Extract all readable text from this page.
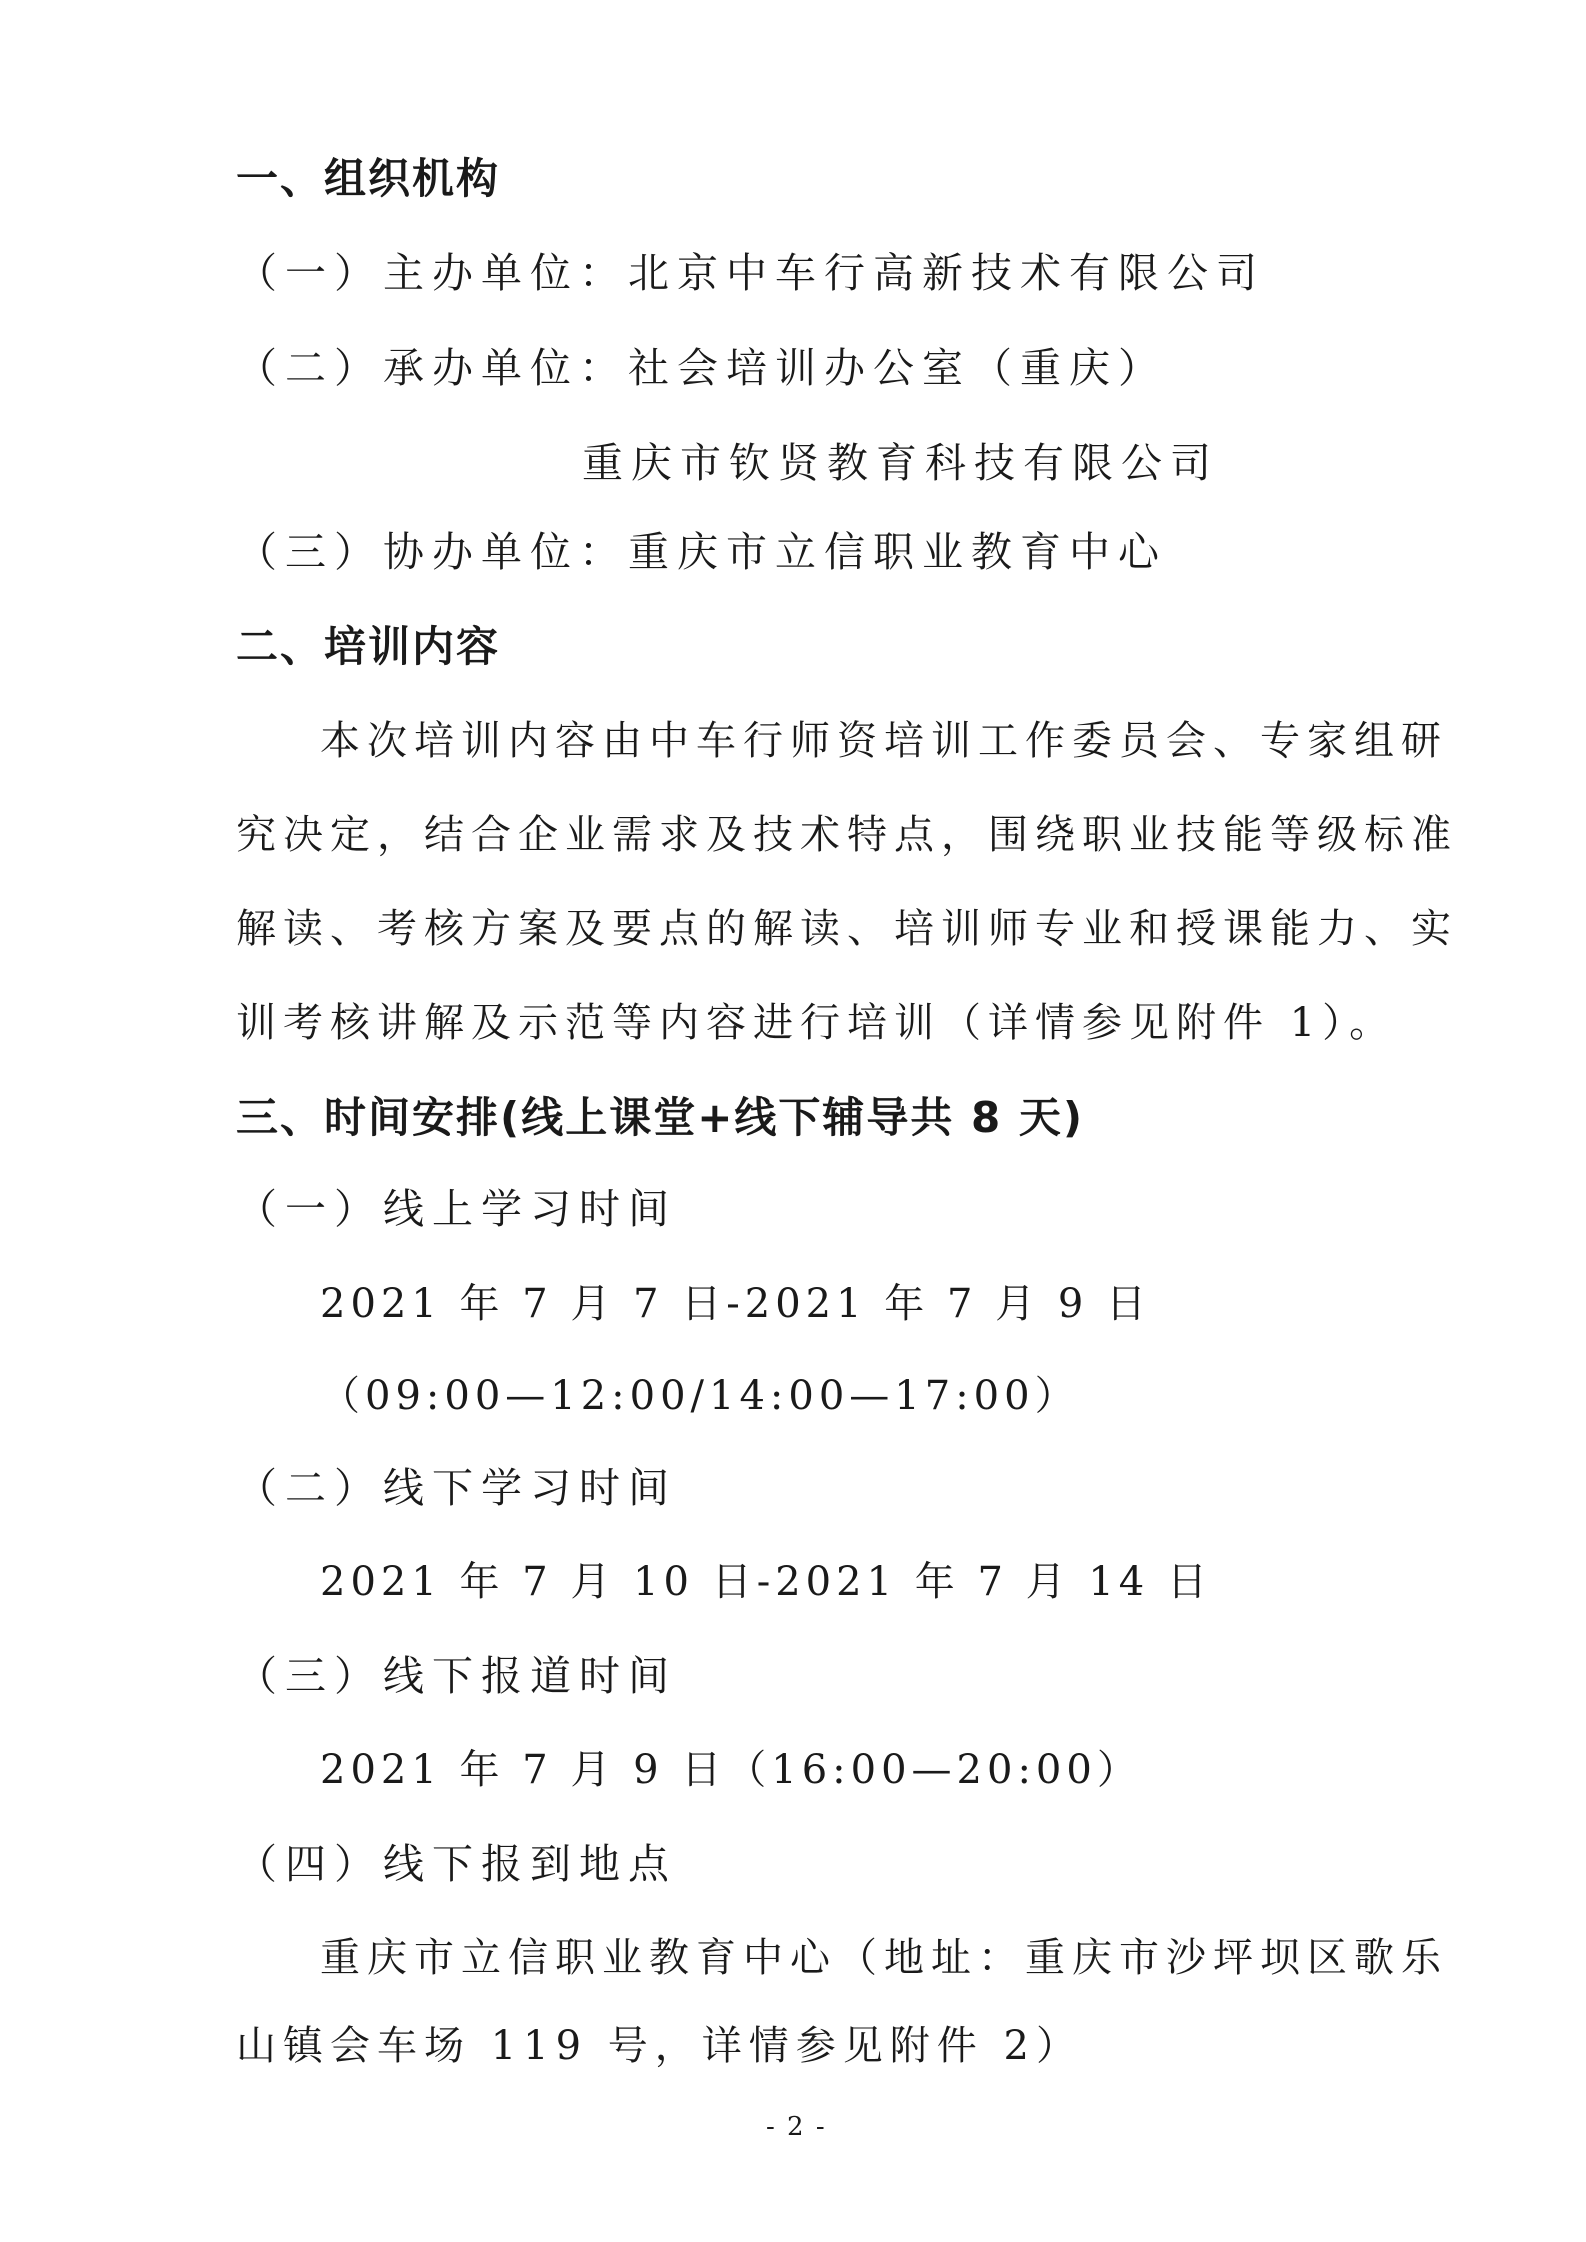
一、组织机构
（一）主办单位：北京中车行高新技术有限公司
（二）承办单位：社会培训办公室（重庆）
重庆市钦贤教育科技有限公司
（三）协办单位：重庆市立信职业教育中心
二、培训内容
本次培训内容由中车行师资培训工作委员会、专家组研
究决定，结合企业需求及技术特点，围绕职业技能等级标准
解读、考核方案及要点的解读、培训师专业和授课能力、实
训考核讲解及示范等内容进行培训（详情参见附件 1）。
三、时间安排(线上课堂+线下辅导共 8 天)
（一）线上学习时间
2021 年 7 月 7 日-2021 年 7 月 9 日
（09:00—12:00/14:00—17:00）
（二）线下学习时间
2021 年 7 月 10 日-2021 年 7 月 14 日
（三）线下报道时间
2021 年 7 月 9 日（16:00—20:00）
（四）线下报到地点
重庆市立信职业教育中心（地址：重庆市沙坪坝区歌乐
山镇会车场 119 号，详情参见附件 2）
- 2 -
